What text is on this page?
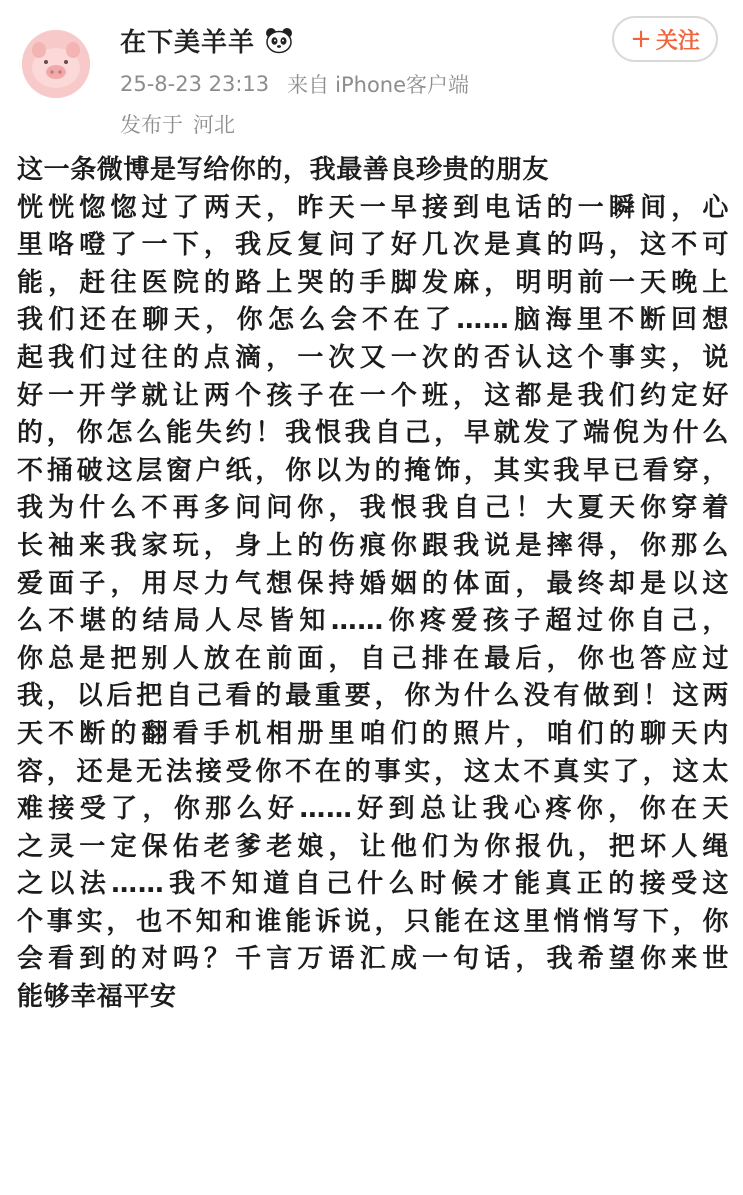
在下美羊羊	+ 关注
25-8-23 23:13 来自 iPhone客户端
发布于 河北
这一条微博是写给你的，我最善良珍贵的朋友
恍恍惚惚过了两天，昨天一早接到电话的一瞬间，心
里咯噔了一下，我反复问了好几次是真的吗，这不可
能，赶往医院的路上哭的手脚发麻，明明前一天晚上
我们还在聊天，你怎么会不在了……脑海里不断回想
起我们过往的点滴，一次又一次的否认这个事实，说
好一开学就让两个孩子在一个班，这都是我们约定好
的，你怎么能失约！我恨我自己，早就发了端倪为什么
不捅破这层窗户纸，你以为的掩饰，其实我早已看穿，
我为什么不再多问问你，我恨我自己！大夏天你穿着
长袖来我家玩，身上的伤痕你跟我说是摔得，你那么
爱面子，用尽力气想保持婚姻的体面，最终却是以这
么不堪的结局人尽皆知……你疼爱孩子超过你自己，
你总是把别人放在前面，自己排在最后，你也答应过
我，以后把自己看的最重要，你为什么没有做到！这两
天不断的翻看手机相册里咱们的照片，咱们的聊天内
容，还是无法接受你不在的事实，这太不真实了，这太
难接受了，你那么好……好到总让我心疼你，你在天
之灵一定保佑老爹老娘，让他们为你报仇，把坏人绳
之以法……我不知道自己什么时候才能真正的接受这
个事实，也不知和谁能诉说，只能在这里悄悄写下，你
会看到的对吗？千言万语汇成一句话，我希望你来世
能够幸福平安
